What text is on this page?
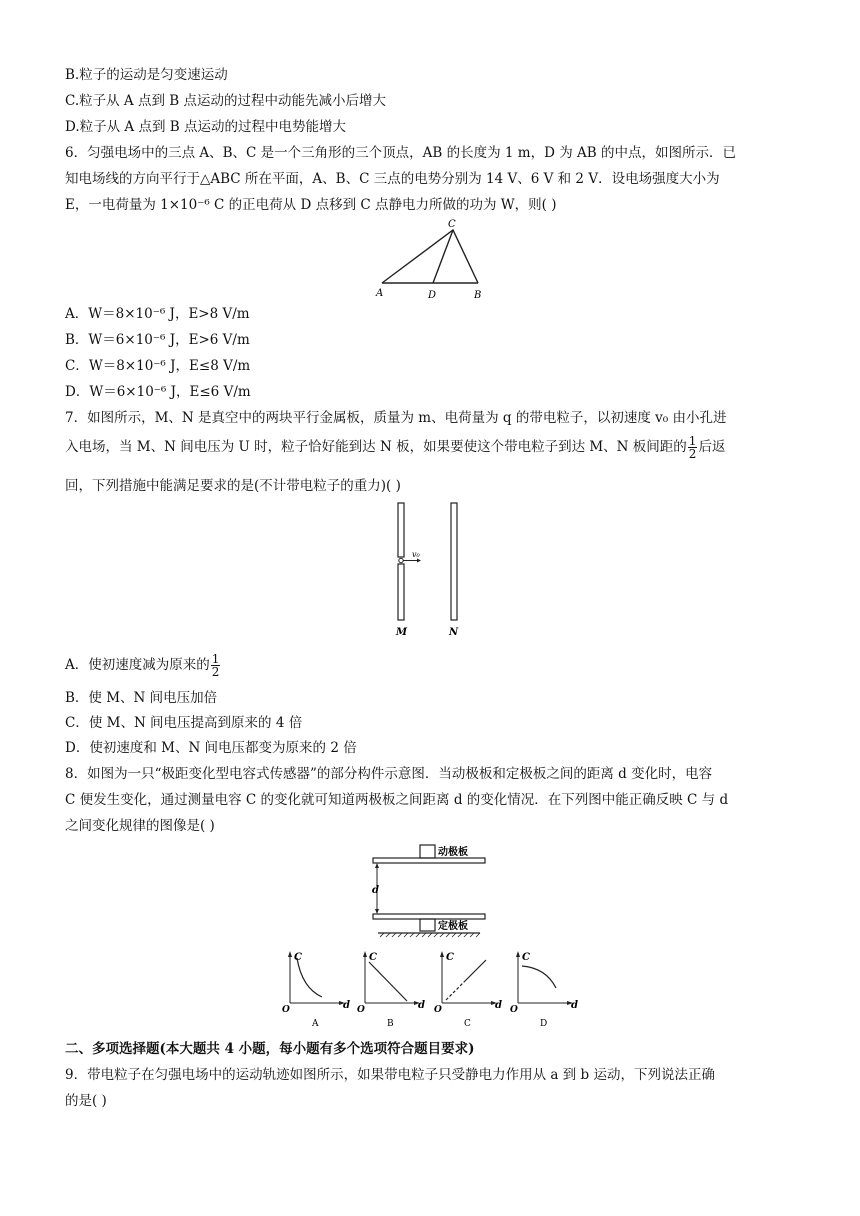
B.粒子的运动是匀变速运动
C.粒子从 A 点到 B 点运动的过程中动能先减小后增大
D.粒子从 A 点到 B 点运动的过程中电势能增大
6．匀强电场中的三点 A、B、C 是一个三角形的三个顶点，AB 的长度为 1 m，D 为 AB 的中点，如图所示．已
知电场线的方向平行于△ABC 所在平面，A、B、C 三点的电势分别为 14 V、6 V 和 2 V．设电场强度大小为
E，一电荷量为 1×10⁻⁶ C 的正电荷从 D 点移到 C 点静电力所做的功为 W，则( )
C
A	D	B
A．W＝8×10⁻⁶ J，E>8 V/m
B．W＝6×10⁻⁶ J，E>6 V/m
C．W＝8×10⁻⁶ J，E≤8 V/m
D．W＝6×10⁻⁶ J，E≤6 V/m
7．如图所示，M、N 是真空中的两块平行金属板，质量为 m、电荷量为 q 的带电粒子，以初速度 v₀ 由小孔进
入电场，当 M、N 间电压为 U 时，粒子恰好能到达 N 板，如果要使这个带电粒子到达 M、N 板间距的 $\frac{1}{2}$ 后返
回，下列措施中能满足要求的是(不计带电粒子的重力)( )
v₀
M	N
A．使初速度减为原来的 $\frac{1}{2}$
B．使 M、N 间电压加倍
C．使 M、N 间电压提高到原来的 4 倍
D．使初速度和 M、N 间电压都变为原来的 2 倍
8．如图为一只“极距变化型电容式传感器”的部分构件示意图．当动极板和定极板之间的距离 d 变化时，电容
C 便发生变化，通过测量电容 C 的变化就可知道两极板之间距离 d 的变化情况．在下列图中能正确反映 C 与 d
之间变化规律的图像是( )
动极板
d
定极板
C
d
O
A
C
d
O
B
C
d
O
C
C
d
O
D
二、多项选择题(本大题共 4 小题，每小题有多个选项符合题目要求)
9．带电粒子在匀强电场中的运动轨迹如图所示，如果带电粒子只受静电力作用从 a 到 b 运动，下列说法正确
的是( )
